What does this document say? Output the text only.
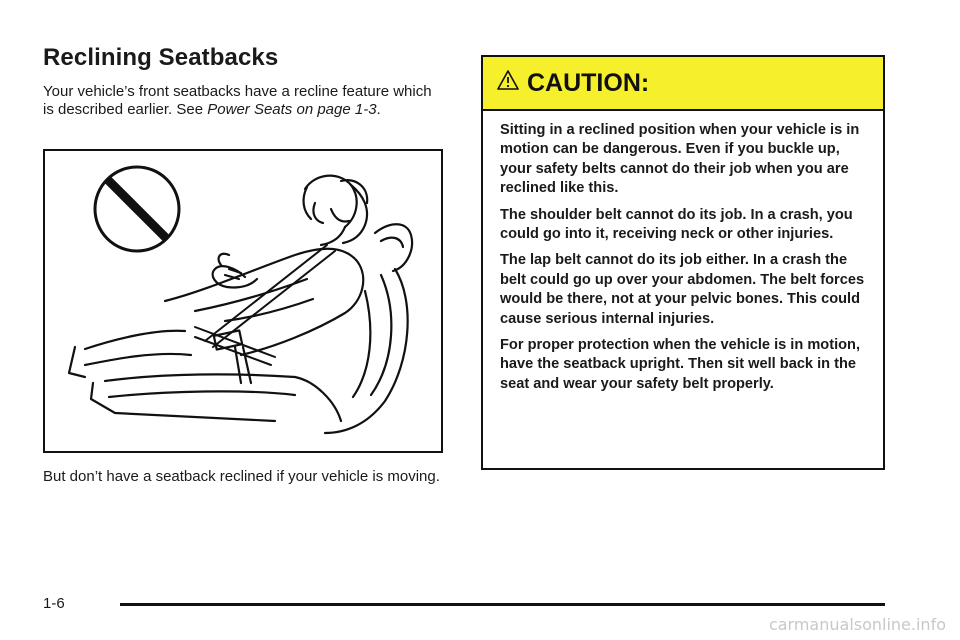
Reclining Seatbacks

Your vehicle’s front seatbacks have a recline feature which is described earlier. See Power Seats on page 1-3.

But don’t have a seatback reclined if your vehicle is moving.

CAUTION:

Sitting in a reclined position when your vehicle is in motion can be dangerous. Even if you buckle up, your safety belts cannot do their job when you are reclined like this.

The shoulder belt cannot do its job. In a crash, you could go into it, receiving neck or other injuries.

The lap belt cannot do its job either. In a crash the belt could go up over your abdomen. The belt forces would be there, not at your pelvic bones. This could cause serious internal injuries.

For proper protection when the vehicle is in motion, have the seatback upright. Then sit well back in the seat and wear your safety belt properly.

1-6
carmanualsonline.info
